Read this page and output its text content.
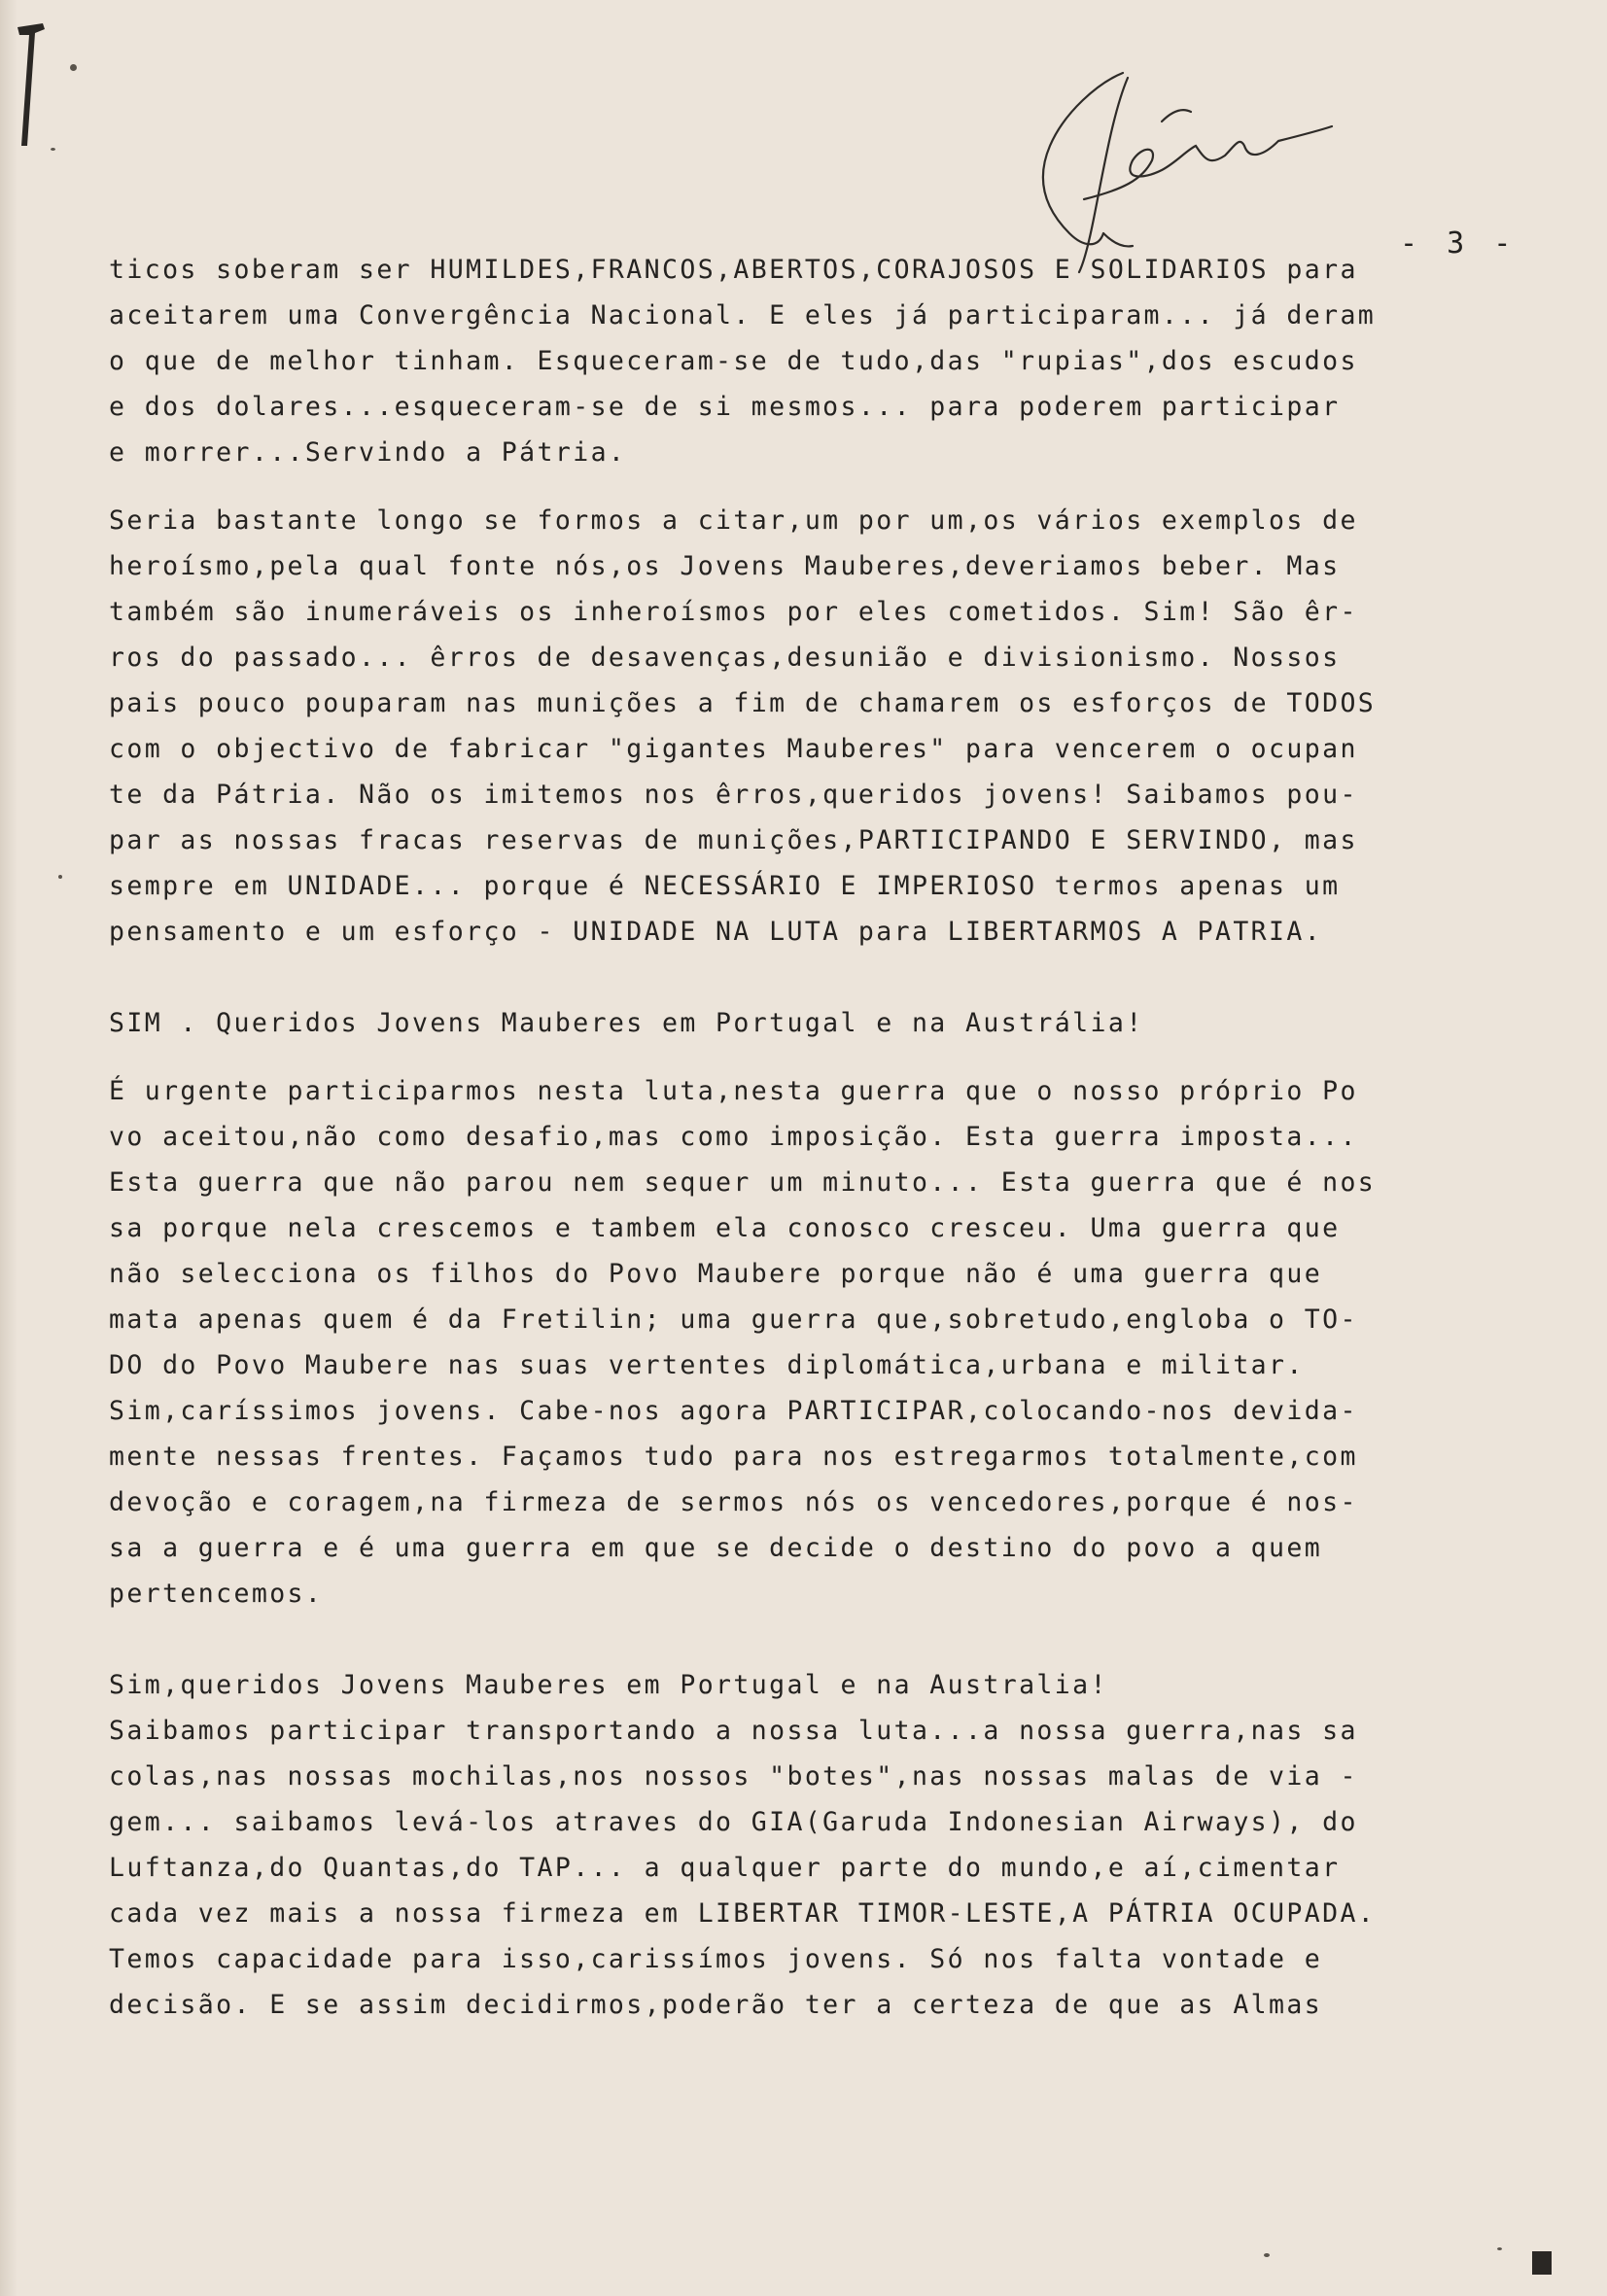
- 3 -
ticos soberam ser HUMILDES,FRANCOS,ABERTOS,CORAJOSOS E SOLIDARIOS para
aceitarem uma Convergência Nacional. E eles já participaram... já deram
o que de melhor tinham. Esqueceram-se de tudo,das "rupias",dos escudos
e dos dolares...esqueceram-se de si mesmos... para poderem participar
e morrer...Servindo a Pátria.
Seria bastante longo se formos a citar,um por um,os vários exemplos de
heroísmo,pela qual fonte nós,os Jovens Mauberes,deveriamos beber. Mas
também são inumeráveis os inheroísmos por eles cometidos. Sim! São êr-
ros do passado... êrros de desavenças,desunião e divisionismo. Nossos
pais pouco pouparam nas munições a fim de chamarem os esforços de TODOS
com o objectivo de fabricar "gigantes Mauberes" para vencerem o ocupan
te da Pátria. Não os imitemos nos êrros,queridos jovens! Saibamos pou-
par as nossas fracas reservas de munições,PARTICIPANDO E SERVINDO, mas
sempre em UNIDADE... porque é NECESSÁRIO E IMPERIOSO termos apenas um
pensamento e um esforço - UNIDADE NA LUTA para LIBERTARMOS A PATRIA.
SIM . Queridos Jovens Mauberes em Portugal e na Austrália!
É urgente participarmos nesta luta,nesta guerra que o nosso próprio Po
vo aceitou,não como desafio,mas como imposição. Esta guerra imposta...
Esta guerra que não parou nem sequer um minuto... Esta guerra que é nos
sa porque nela crescemos e tambem ela conosco cresceu. Uma guerra que
não selecciona os filhos do Povo Maubere porque não é uma guerra que
mata apenas quem é da Fretilin; uma guerra que,sobretudo,engloba o TO-
DO do Povo Maubere nas suas vertentes diplomática,urbana e militar.
Sim,caríssimos jovens. Cabe-nos agora PARTICIPAR,colocando-nos devida-
mente nessas frentes. Façamos tudo para nos estregarmos totalmente,com
devoção e coragem,na firmeza de sermos nós os vencedores,porque é nos-
sa a guerra e é uma guerra em que se decide o destino do povo a quem
pertencemos.
Sim,queridos Jovens Mauberes em Portugal e na Australia!
Saibamos participar transportando a nossa luta...a nossa guerra,nas sa
colas,nas nossas mochilas,nos nossos "botes",nas nossas malas de via -
gem... saibamos levá-los atraves do GIA(Garuda Indonesian Airways), do
Luftanza,do Quantas,do TAP... a qualquer parte do mundo,e aí,cimentar
cada vez mais a nossa firmeza em LIBERTAR TIMOR-LESTE,A PÁTRIA OCUPADA.
Temos capacidade para isso,carissímos jovens. Só nos falta vontade e
decisão. E se assim decidirmos,poderão ter a certeza de que as Almas
